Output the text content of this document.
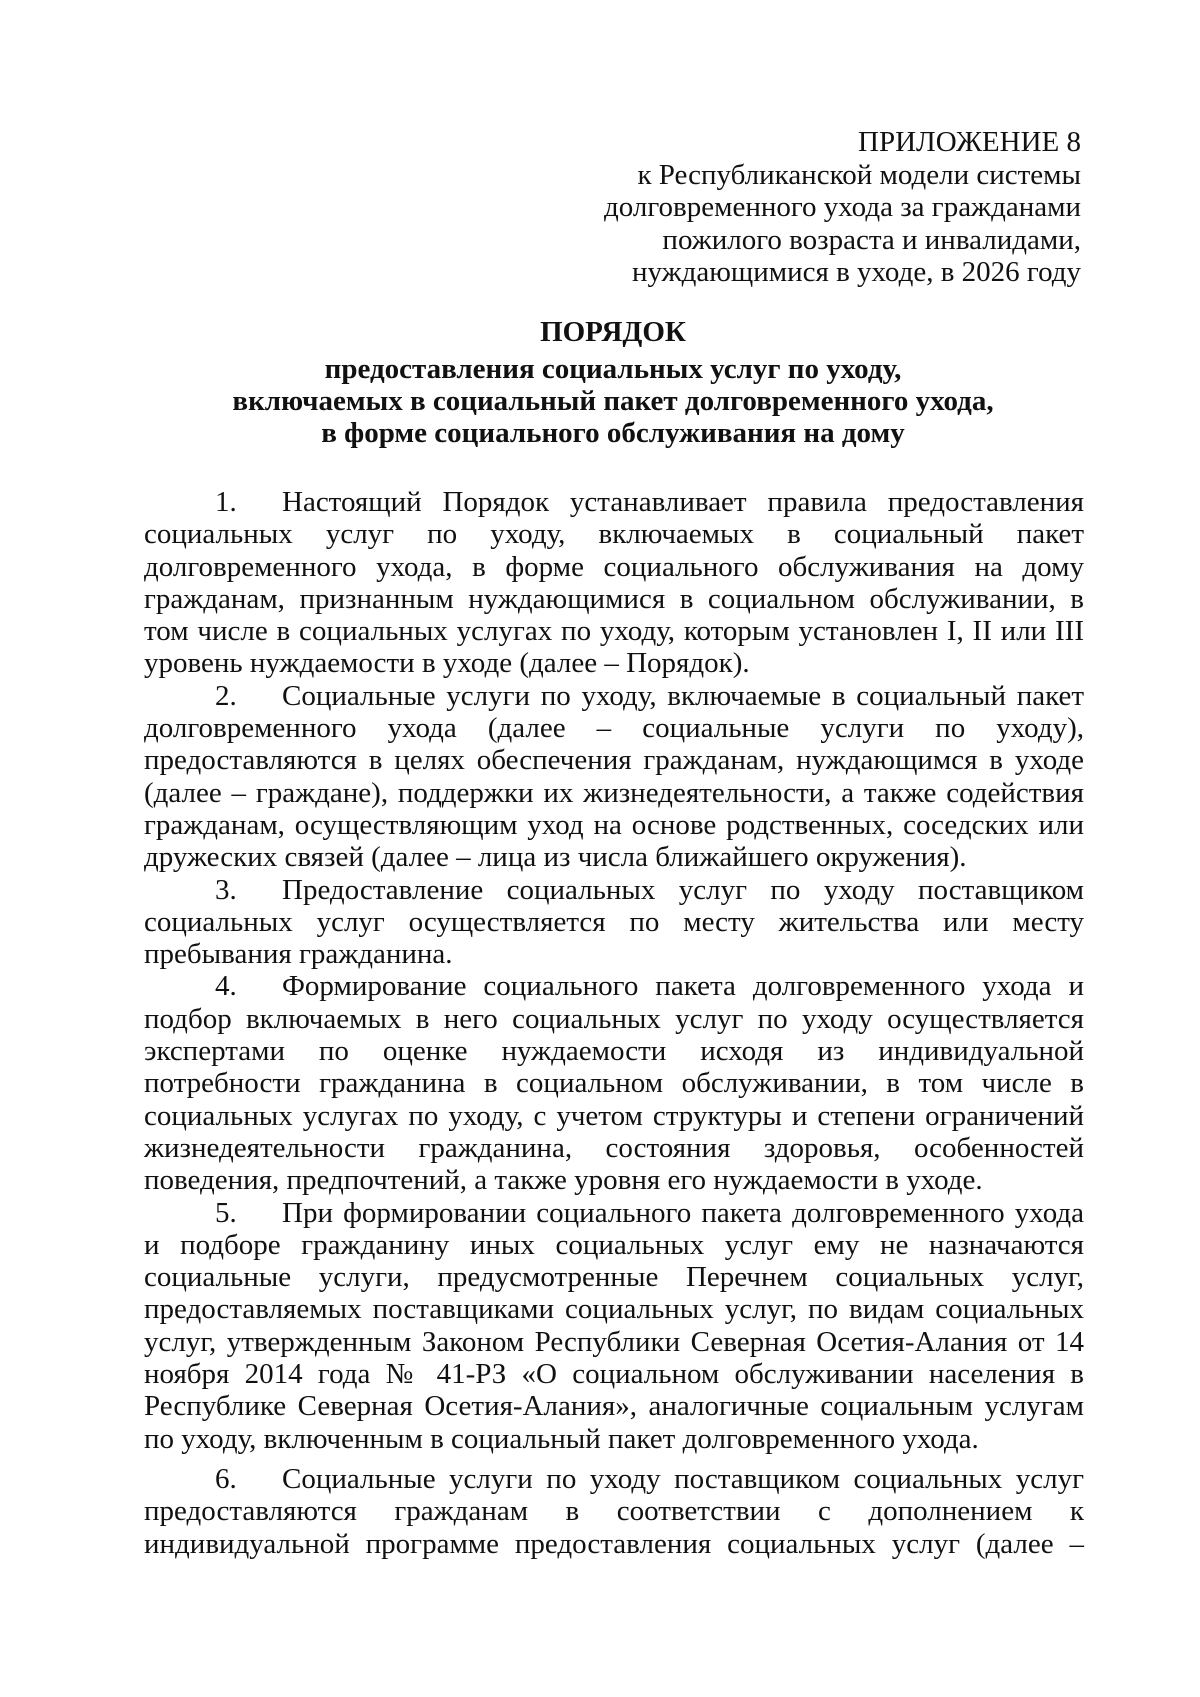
ПРИЛОЖЕНИЕ 8
к Республиканской модели системы
долговременного ухода за гражданами
пожилого возраста и инвалидами,
нуждающимися в уходе, в 2026 году
ПОРЯДОК
предоставления социальных услуг по уходу,
включаемых в социальный пакет долговременного ухода,
в форме социального обслуживания на дому

1. Настоящий Порядок устанавливает правила предоставления социальных услуг по уходу, включаемых в социальный пакет долговременного ухода, в форме социального обслуживания на дому гражданам, признанным нуждающимися в социальном обслуживании, в том числе в социальных услугах по уходу, которым установлен I, II или III уровень нуждаемости в уходе (далее – Порядок).

2. Социальные услуги по уходу, включаемые в социальный пакет долговременного ухода (далее – социальные услуги по уходу), предоставляются в целях обеспечения гражданам, нуждающимся в уходе (далее – граждане), поддержки их жизнедеятельности, а также содействия гражданам, осуществляющим уход на основе родственных, соседских или дружеских связей (далее – лица из числа ближайшего окружения).

3. Предоставление социальных услуг по уходу поставщиком социальных услуг осуществляется по месту жительства или месту пребывания гражданина.

4. Формирование социального пакета долговременного ухода и подбор включаемых в него социальных услуг по уходу осуществляется экспертами по оценке нуждаемости исходя из индивидуальной потребности гражданина в социальном обслуживании, в том числе в социальных услугах по уходу, с учетом структуры и степени ограничений жизнедеятельности гражданина, состояния здоровья, особенностей поведения, предпочтений, а также уровня его нуждаемости в уходе.

5. При формировании социального пакета долговременного ухода и подборе гражданину иных социальных услуг ему не назначаются социальные услуги, предусмотренные Перечнем социальных услуг, предоставляемых поставщиками социальных услуг, по видам социальных услуг, утвержденным Законом Республики Северная Осетия-Алания от 14 ноября 2014 года № 41-РЗ «О социальном обслуживании населения в Республике Северная Осетия-Алания», аналогичные социальным услугам по уходу, включенным в социальный пакет долговременного ухода.

6. Социальные услуги по уходу поставщиком социальных услуг предоставляются гражданам в соответствии с дополнением к индивидуальной программе предоставления социальных услуг (далее –
